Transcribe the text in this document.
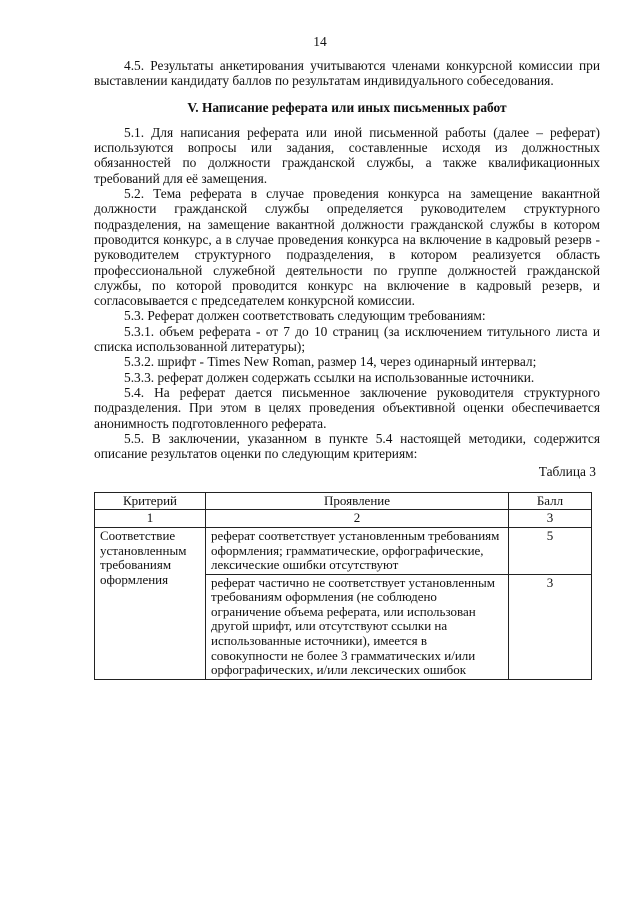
14

4.5. Результаты анкетирования учитываются членами конкурсной комиссии при выставлении кандидату баллов по результатам индивидуального собеседования.

V. Написание реферата или иных письменных работ

5.1. Для написания реферата или иной письменной работы (далее – реферат) используются вопросы или задания, составленные исходя из должностных обязанностей по должности гражданской службы, а также квалификационных требований для её замещения.

5.2. Тема реферата в случае проведения конкурса на замещение вакантной должности гражданской службы определяется руководителем структурного подразделения, на замещение вакантной должности гражданской службы в котором проводится конкурс, а в случае проведения конкурса на включение в кадровый резерв - руководителем структурного подразделения, в котором реализуется область профессиональной служебной деятельности по группе должностей гражданской службы, по которой проводится конкурс на включение в кадровый резерв, и согласовывается с председателем конкурсной комиссии.

5.3. Реферат должен соответствовать следующим требованиям:

5.3.1. объем реферата - от 7 до 10 страниц (за исключением титульного листа и списка использованной литературы);

5.3.2. шрифт - Times New Roman, размер 14, через одинарный интервал;

5.3.3. реферат должен содержать ссылки на использованные источники.

5.4. На реферат дается письменное заключение руководителя структурного подразделения. При этом в целях проведения объективной оценки обеспечивается анонимность подготовленного реферата.

5.5. В заключении, указанном в пункте 5.4 настоящей методики, содержится описание результатов оценки по следующим критериям:

Таблица 3

Критерий	Проявление	Балл
1	2	3
Соответствие установленным требованиям оформления	реферат соответствует установленным требованиям оформления; грамматические, орфографические, лексические ошибки отсутствуют	5
	реферат частично не соответствует установленным требованиям оформления (не соблюдено ограничение объема реферата, или использован другой шрифт, или отсутствуют ссылки на использованные источники), имеется в совокупности не более 3 грамматических и/или орфографических, и/или лексических ошибок	3
